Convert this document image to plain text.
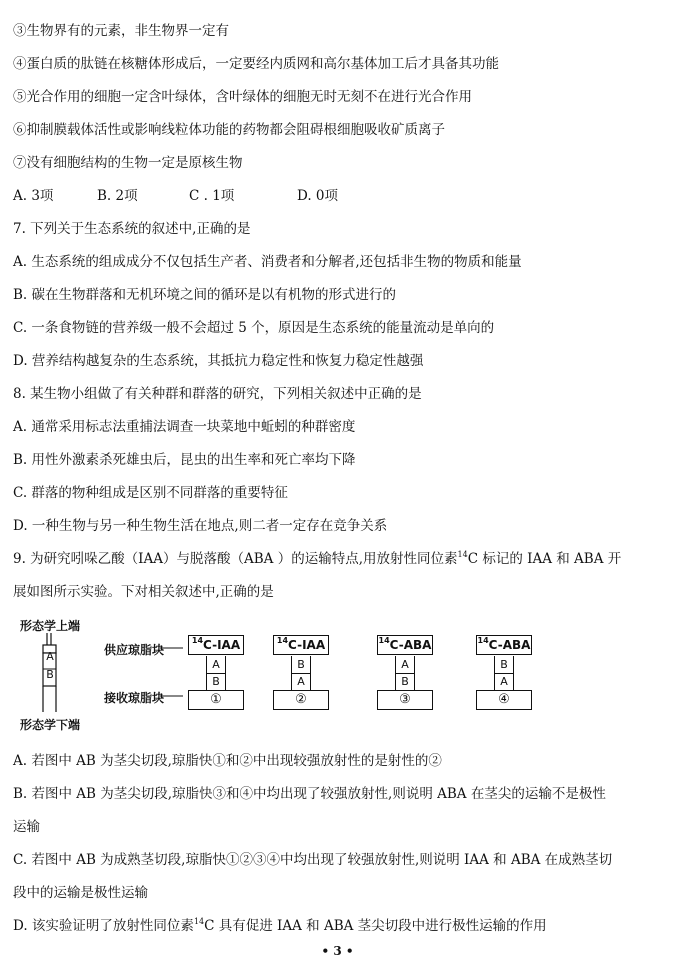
③生物界有的元素，非生物界一定有
④蛋白质的肽链在核糖体形成后，一定要经内质网和高尔基体加工后才具备其功能
⑤光合作用的细胞一定含叶绿体，含叶绿体的细胞无时无刻不在进行光合作用
⑥抑制膜载体活性或影响线粒体功能的药物都会阻碍根细胞吸收矿质离子
⑦没有细胞结构的生物一定是原核生物
A. 3项	B. 2项	C . 1项	D. 0项
7. 下列关于生态系统的叙述中,正确的是
A. 生态系统的组成成分不仅包括生产者、消费者和分解者,还包括非生物的物质和能量
B. 碳在生物群落和无机环境之间的循环是以有机物的形式进行的
C. 一条食物链的营养级一般不会超过 5 个，原因是生态系统的能量流动是单向的
D. 营养结构越复杂的生态系统，其抵抗力稳定性和恢复力稳定性越强
8. 某生物小组做了有关种群和群落的研究，下列相关叙述中正确的是
A. 通常采用标志法重捕法调查一块菜地中蚯蚓的种群密度
B. 用性外激素杀死雄虫后，昆虫的出生率和死亡率均下降
C. 群落的物种组成是区别不同群落的重要特征
D. 一种生物与另一种生物生活在地点,则二者一定存在竞争关系
9. 为研究吲哚乙酸（IAA）与脱落酸（ABA ）的运输特点,用放射性同位素$^{14}$C 标记的 IAA 和 ABA 开
展如图所示实验。下对相关叙述中,正确的是
形态学上端
形态学下端
A
B
供应琼脂块
接收琼脂块
$^{14}$C-IAA
A
B
①
$^{14}$C-IAA
B
A
②
$^{14}$C-ABA
A
B
③
$^{14}$C-ABA
B
A
④
A. 若图中 AB 为茎尖切段,琼脂快①和②中出现较强放射性的是射性的②
B. 若图中 AB 为茎尖切段,琼脂快③和④中均出现了较强放射性,则说明 ABA 在茎尖的运输不是极性
运输
C. 若图中 AB 为成熟茎切段,琼脂快①②③④中均出现了较强放射性,则说明 IAA 和 ABA 在成熟茎切
段中的运输是极性运输
D. 该实验证明了放射性同位素$^{14}$C 具有促进 IAA 和 ABA 茎尖切段中进行极性运输的作用
• 3 •
